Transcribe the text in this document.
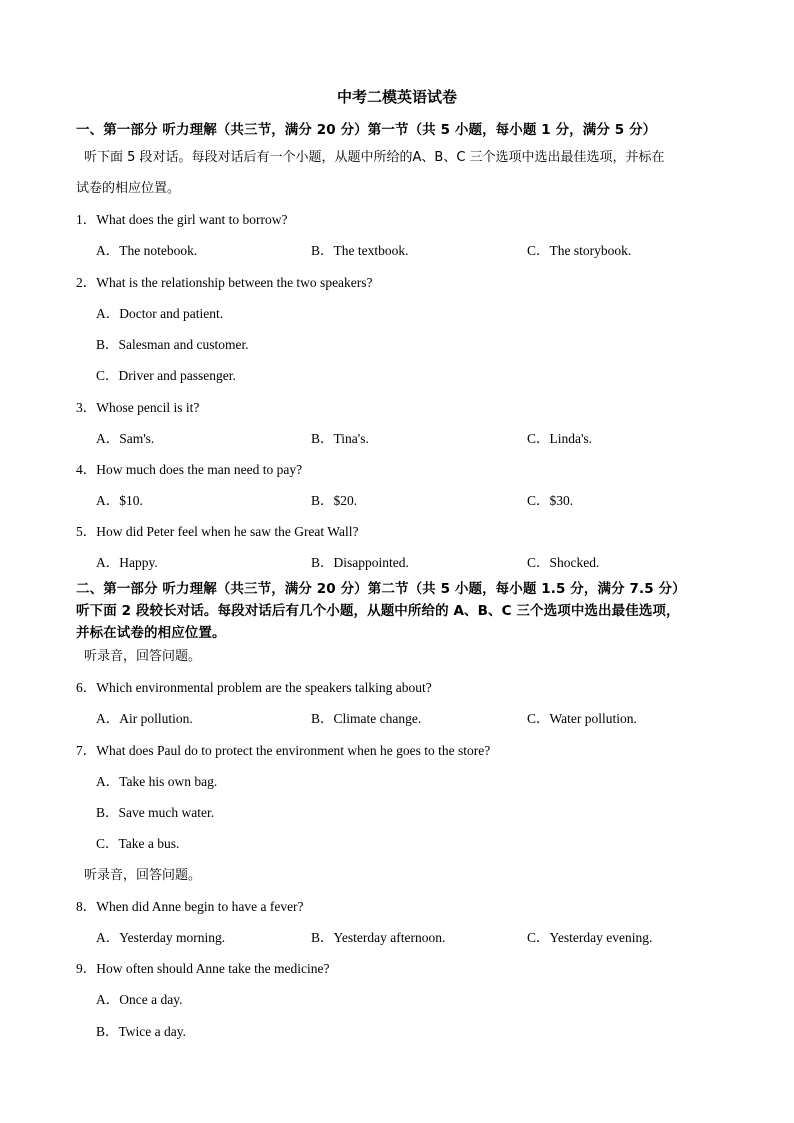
中考二模英语试卷
一、第一部分 听力理解（共三节，满分 20 分）第一节（共 5 小题，每小题 1 分，满分 5 分）
听下面 5 段对话。每段对话后有一个小题，从题中所给的A、B、C 三个选项中选出最佳选项，并标在
试卷的相应位置。
1．What does the girl want to borrow?
A．The notebook.	B．The textbook.	C．The storybook.
2．What is the relationship between the two speakers?
A．Doctor and patient.
B．Salesman and customer.
C．Driver and passenger.
3．Whose pencil is it?
A．Sam's.	B．Tina's.	C．Linda's.
4．How much does the man need to pay?
A．$10.	B．$20.	C．$30.
5．How did Peter feel when he saw the Great Wall?
A．Happy.	B．Disappointed.	C．Shocked.
二、第一部分 听力理解（共三节，满分 20 分）第二节（共 5 小题，每小题 1.5 分，满分 7.5 分）
听下面 2 段较长对话。每段对话后有几个小题，从题中所给的 A、B、C 三个选项中选出最佳选项，
并标在试卷的相应位置。
听录音，回答问题。
6．Which environmental problem are the speakers talking about?
A．Air pollution.	B．Climate change.	C．Water pollution.
7．What does Paul do to protect the environment when he goes to the store?
A．Take his own bag.
B．Save much water.
C．Take a bus.
听录音，回答问题。
8．When did Anne begin to have a fever?
A．Yesterday morning.	B．Yesterday afternoon.	C．Yesterday evening.
9．How often should Anne take the medicine?
A．Once a day.
B．Twice a day.
